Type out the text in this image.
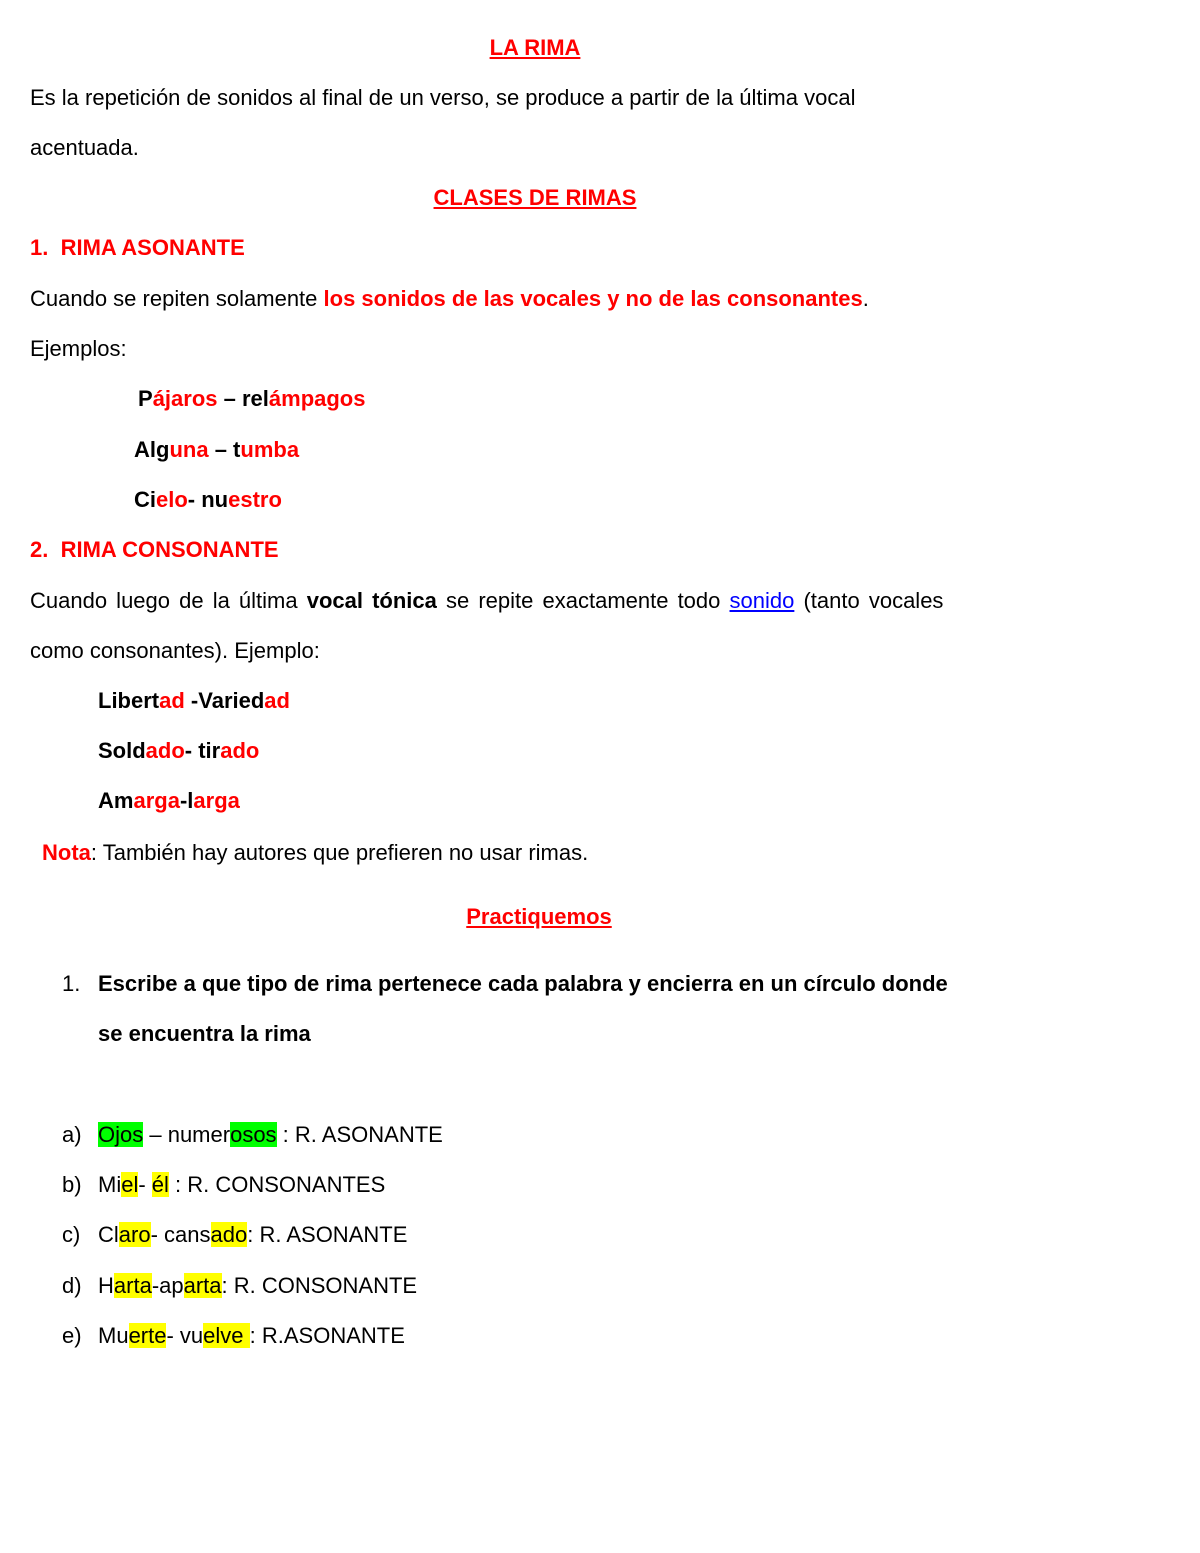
LA RIMA
Es la repetición de sonidos al final de un verso, se produce a partir de la última vocal
acentuada.
CLASES DE RIMAS
1. RIMA ASONANTE
Cuando se repiten solamente los sonidos de las vocales y no de las consonantes.
Ejemplos:
Pájaros – relámpagos
Alguna – tumba
Cielo- nuestro
2. RIMA CONSONANTE
Cuando luego de la última vocal tónica se repite exactamente todo sonido (tanto vocales
como consonantes). Ejemplo:
Libertad -Variedad
Soldado- tirado
Amarga-larga
Nota: También hay autores que prefieren no usar rimas.
Practiquemos
1. Escribe a que tipo de rima pertenece cada palabra y encierra en un círculo donde
se encuentra la rima
a) Ojos – numerosos : R. ASONANTE
b) Miel- él : R. CONSONANTES
c) Claro- cansado: R. ASONANTE
d) Harta-aparta: R. CONSONANTE
e) Muerte- vuelve : R.ASONANTE
